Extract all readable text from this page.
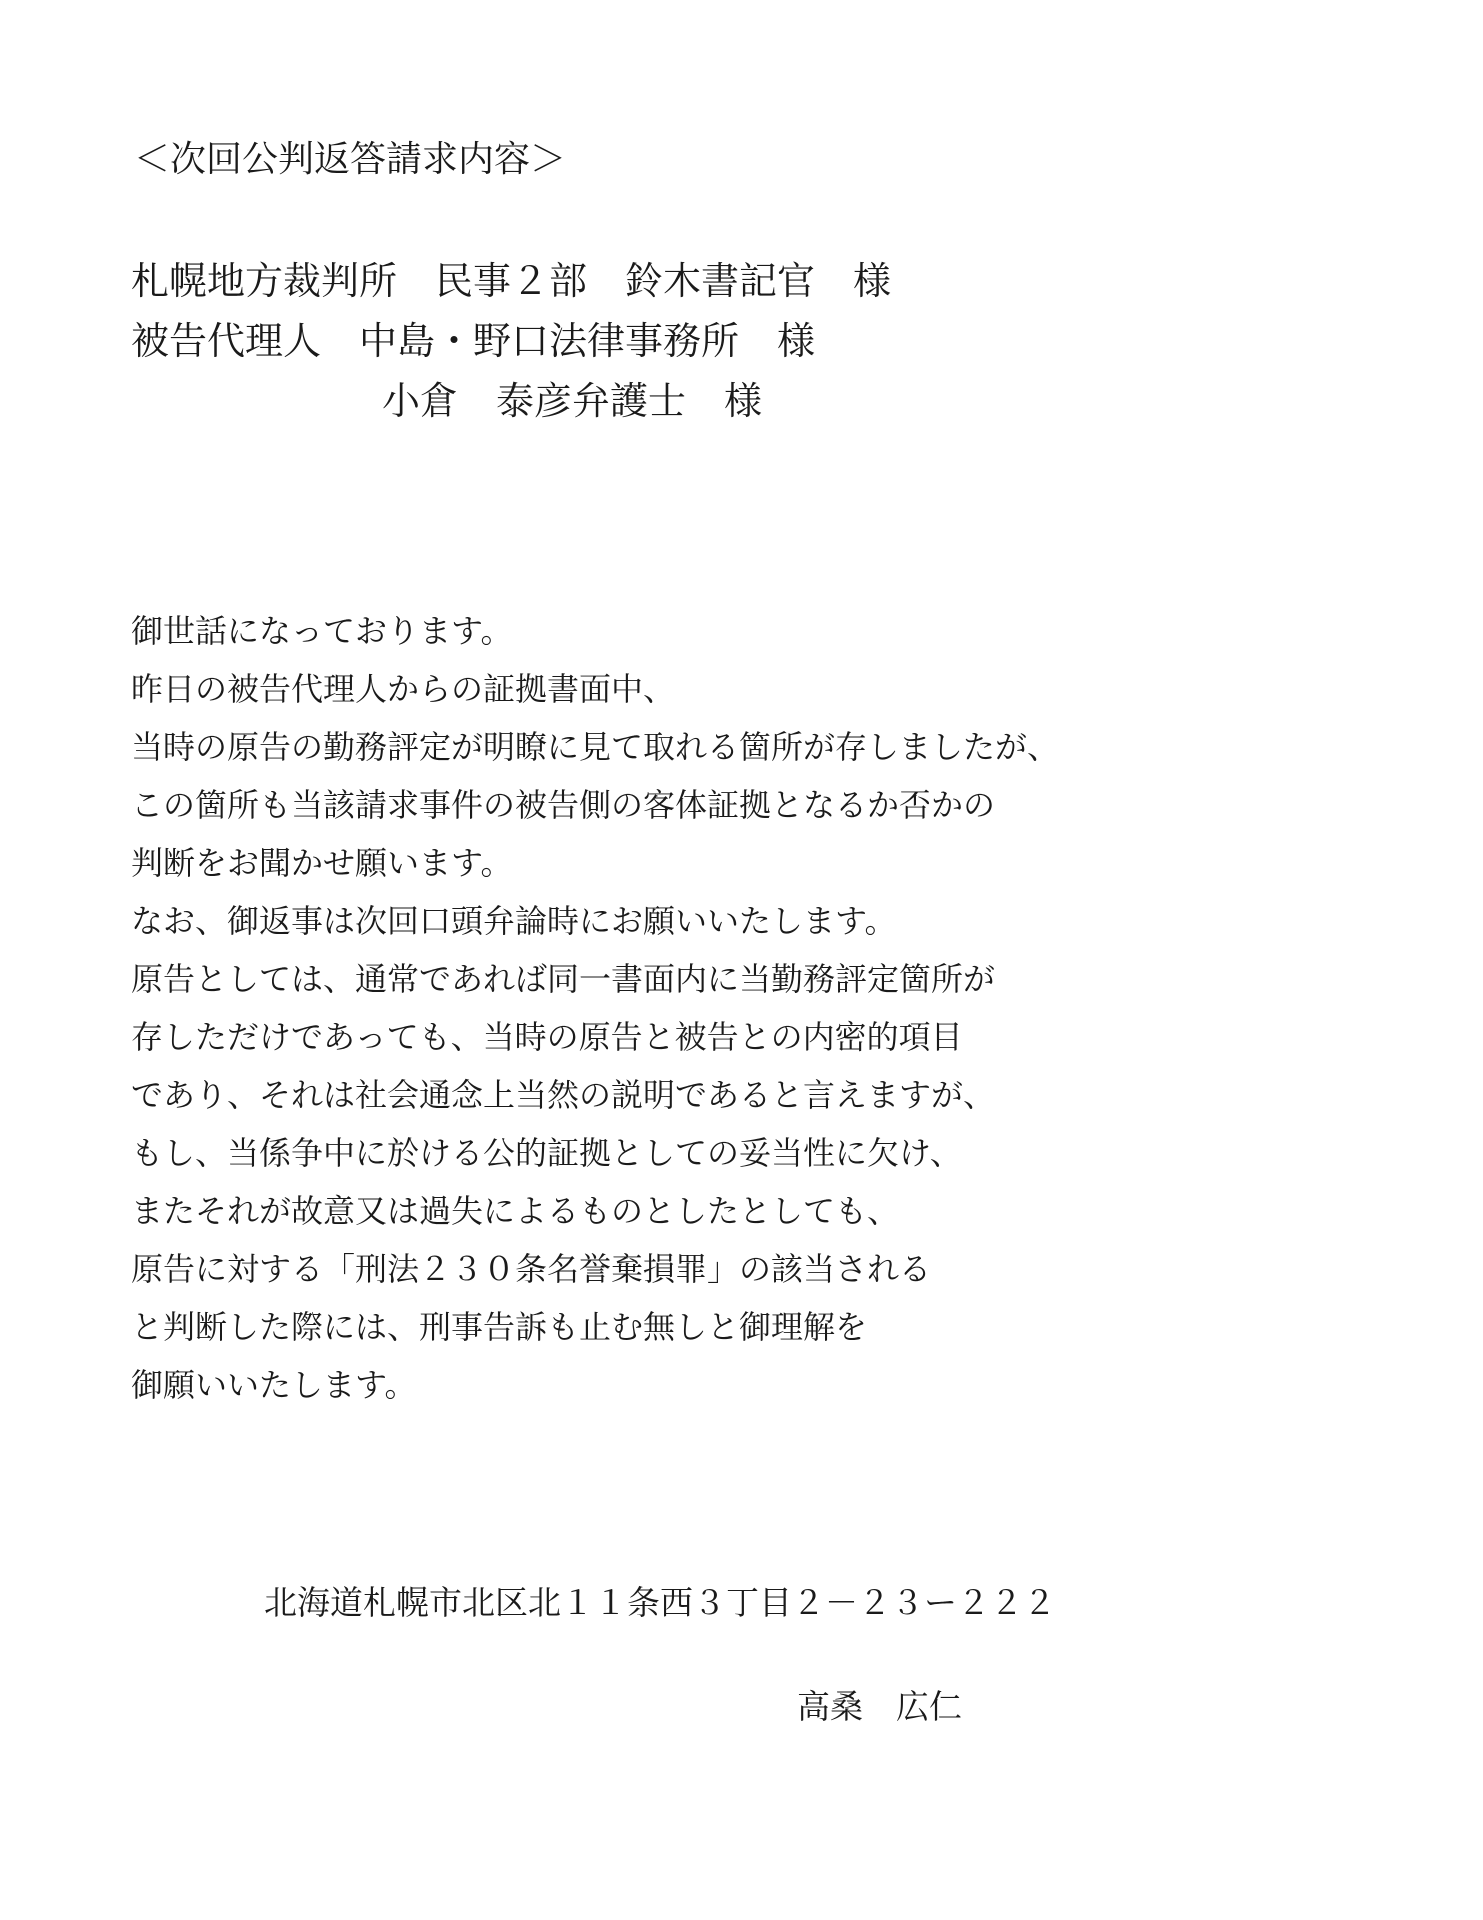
＜次回公判返答請求内容＞
札幌地方裁判所　民事２部　鈴木書記官　様
被告代理人　中島・野口法律事務所　様
小倉　泰彦弁護士　様
御世話になっております。
昨日の被告代理人からの証拠書面中、
当時の原告の勤務評定が明瞭に見て取れる箇所が存しましたが、
この箇所も当該請求事件の被告側の客体証拠となるか否かの
判断をお聞かせ願います。
なお、御返事は次回口頭弁論時にお願いいたします。
原告としては、通常であれば同一書面内に当勤務評定箇所が
存しただけであっても、当時の原告と被告との内密的項目
であり、それは社会通念上当然の説明であると言えますが、
もし、当係争中に於ける公的証拠としての妥当性に欠け、
またそれが故意又は過失によるものとしたとしても、
原告に対する「刑法２３０条名誉棄損罪」の該当される
と判断した際には、刑事告訴も止む無しと御理解を
御願いいたします。
北海道札幌市北区北１１条西３丁目２－２３ー２２２
高桑　広仁
